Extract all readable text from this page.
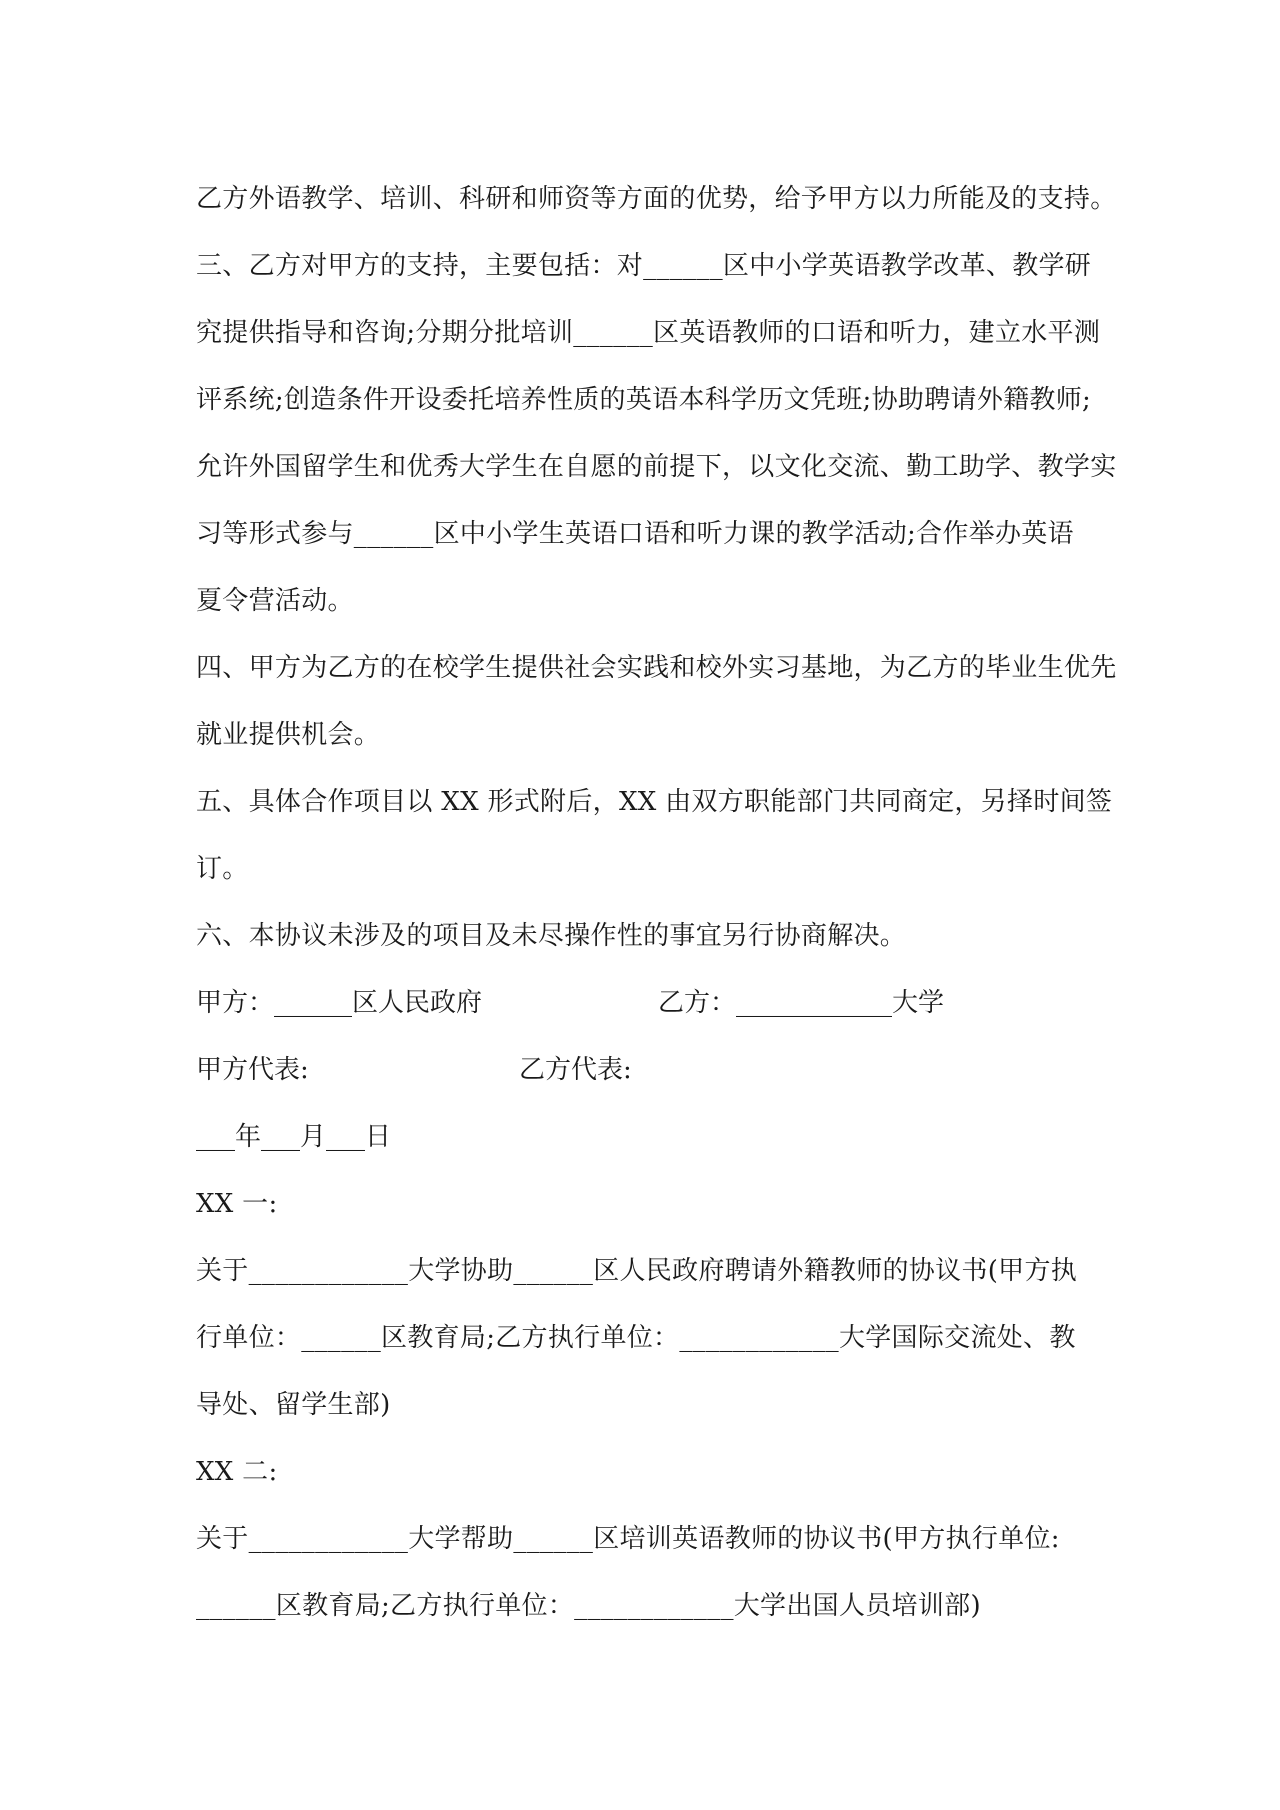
乙方外语教学、培训、科研和师资等方面的优势，给予甲方以力所能及的支持。
三、乙方对甲方的支持，主要包括：对______区中小学英语教学改革、教学研
究提供指导和咨询;分期分批培训______区英语教师的口语和听力，建立水平测
评系统;创造条件开设委托培养性质的英语本科学历文凭班;协助聘请外籍教师;
允许外国留学生和优秀大学生在自愿的前提下，以文化交流、勤工助学、教学实
习等形式参与______区中小学生英语口语和听力课的教学活动;合作举办英语
夏令营活动。
四、甲方为乙方的在校学生提供社会实践和校外实习基地，为乙方的毕业生优先
就业提供机会。
五、具体合作项目以 XX 形式附后，XX 由双方职能部门共同商定，另择时间签
订。
六、本协议未涉及的项目及未尽操作性的事宜另行协商解决。
甲方：______区人民政府	乙方：____________大学
甲方代表:	乙方代表:
___年___月___日
XX 一:
关于____________大学协助______区人民政府聘请外籍教师的协议书(甲方执
行单位：______区教育局;乙方执行单位：____________大学国际交流处、教
导处、留学生部)
XX 二:
关于____________大学帮助______区培训英语教师的协议书(甲方执行单位:
______区教育局;乙方执行单位：____________大学出国人员培训部)
